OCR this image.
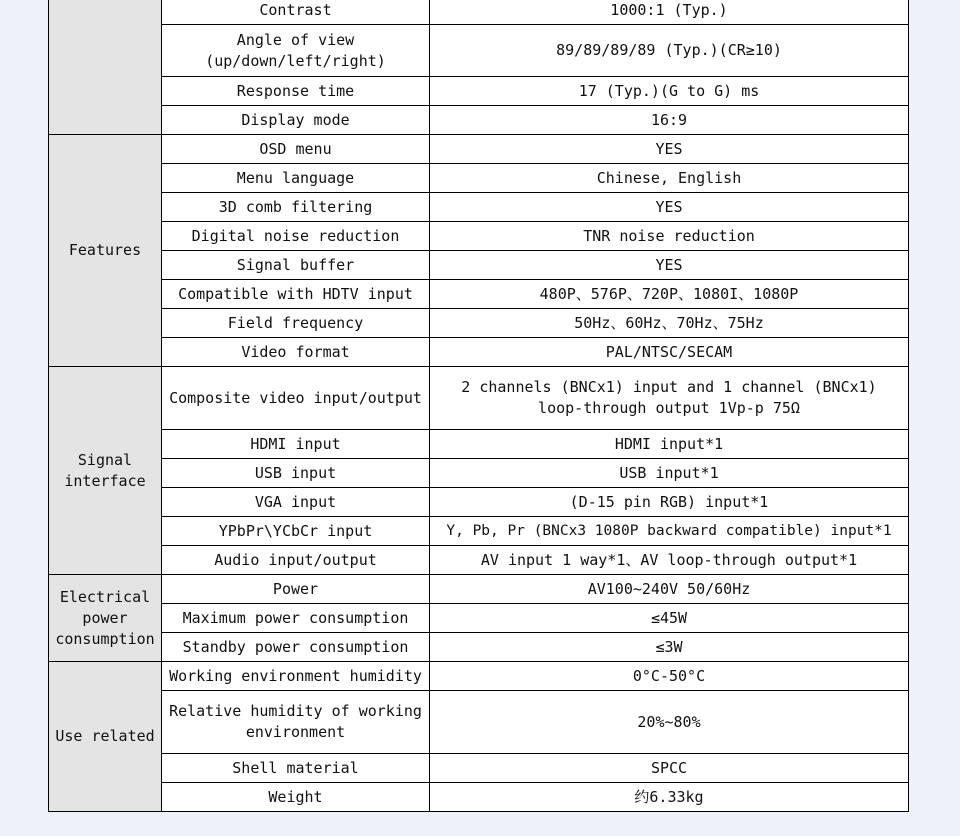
	Contrast	1000:1 (Typ.)
	Angle of view (up/down/left/right)	89/89/89/89 (Typ.)(CR≥10)
	Response time	17 (Typ.)(G to G) ms
	Display mode	16:9
Features	OSD menu	YES
	Menu language	Chinese, English
	3D comb filtering	YES
	Digital noise reduction	TNR noise reduction
	Signal buffer	YES
	Compatible with HDTV input	480P、576P、720P、1080I、1080P
	Field frequency	50Hz、60Hz、70Hz、75Hz
	Video format	PAL/NTSC/SECAM
Signal interface	Composite video input/output	2 channels (BNCx1) input and 1 channel (BNCx1) loop-through output 1Vp-p 75Ω
	HDMI input	HDMI input*1
	USB input	USB input*1
	VGA input	(D-15 pin RGB) input*1
	YPbPr\YCbCr input	Y, Pb, Pr (BNCx3 1080P backward compatible) input*1
	Audio input/output	AV input 1 way*1、AV loop-through output*1
Electrical power consumption	Power	AV100~240V 50/60Hz
	Maximum power consumption	≤45W
	Standby power consumption	≤3W
Use related	Working environment humidity	0°C-50°C
	Relative humidity of working environment	20%~80%
	Shell material	SPCC
	Weight	约6.33kg
